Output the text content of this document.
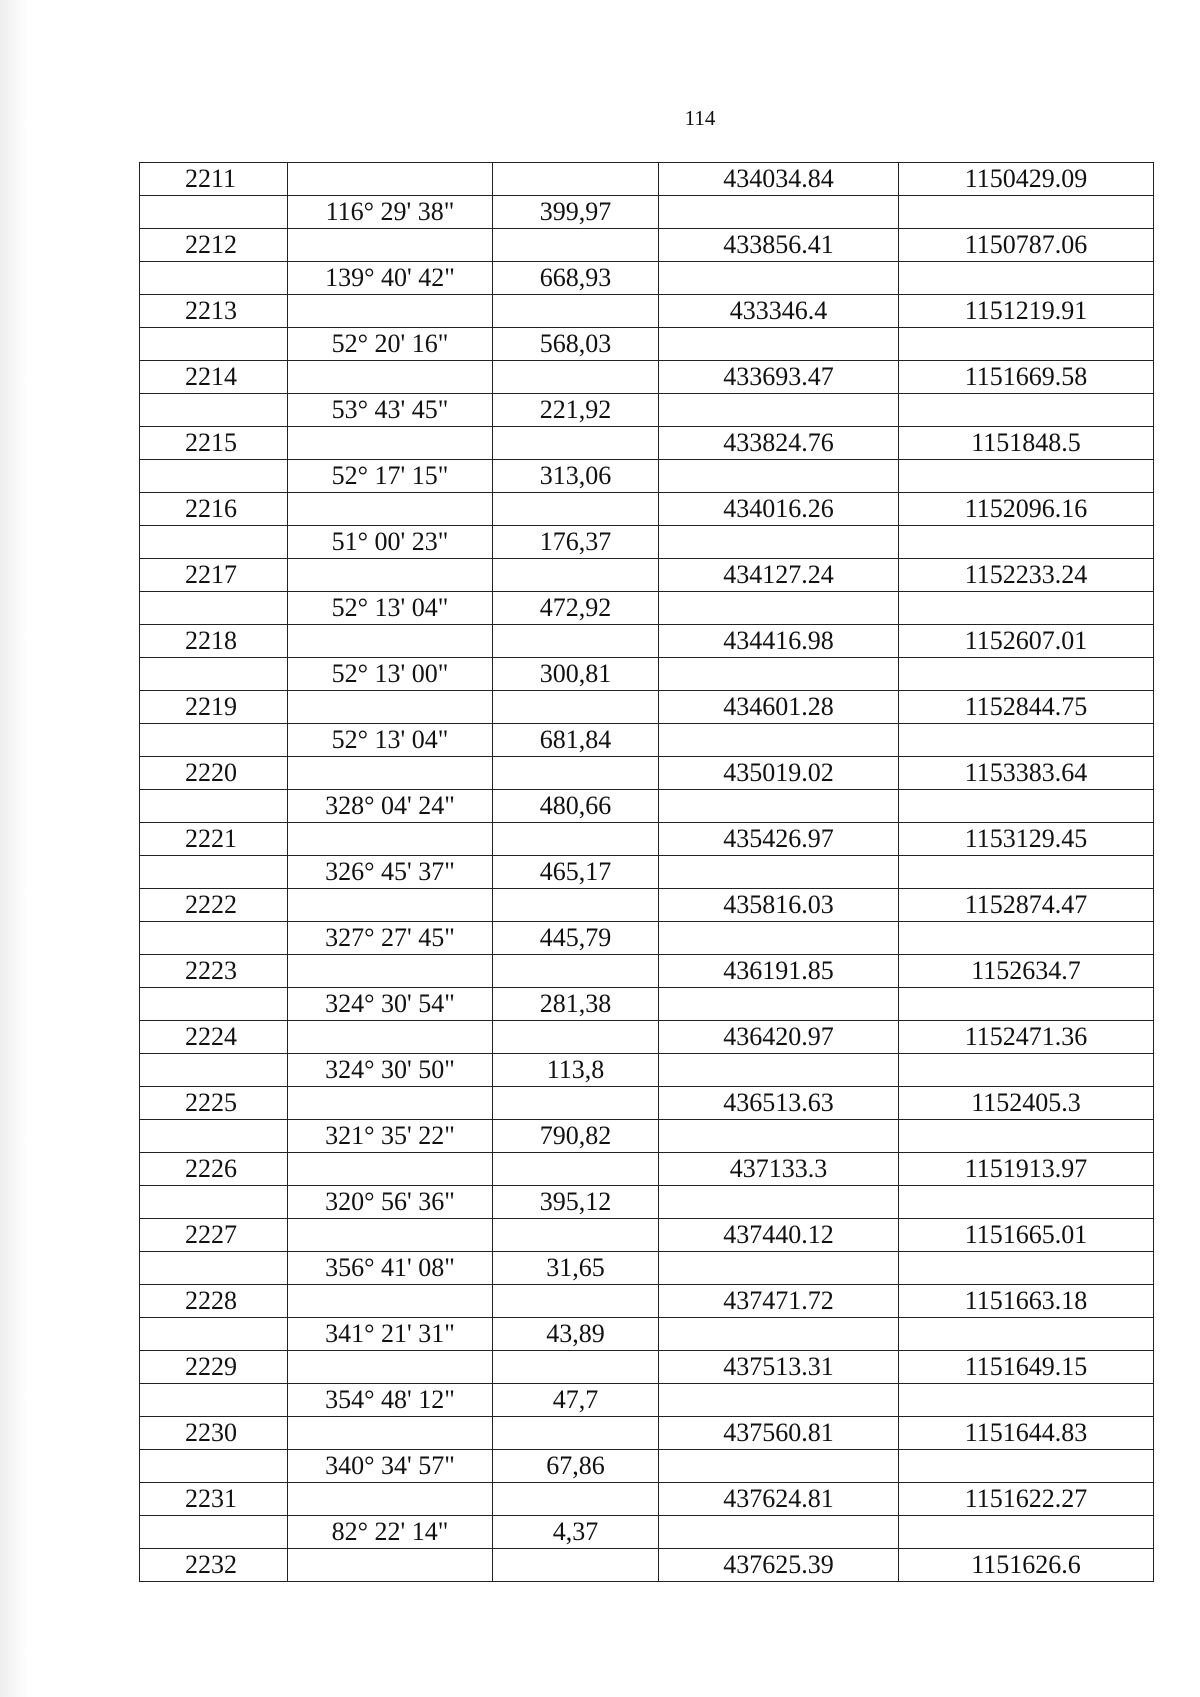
114
2211			434034.84	1150429.09
	116° 29' 38"	399,97		
2212			433856.41	1150787.06
	139° 40' 42"	668,93		
2213			433346.4	1151219.91
	52° 20' 16"	568,03		
2214			433693.47	1151669.58
	53° 43' 45"	221,92		
2215			433824.76	1151848.5
	52° 17' 15"	313,06		
2216			434016.26	1152096.16
	51° 00' 23"	176,37		
2217			434127.24	1152233.24
	52° 13' 04"	472,92		
2218			434416.98	1152607.01
	52° 13' 00"	300,81		
2219			434601.28	1152844.75
	52° 13' 04"	681,84		
2220			435019.02	1153383.64
	328° 04' 24"	480,66		
2221			435426.97	1153129.45
	326° 45' 37"	465,17		
2222			435816.03	1152874.47
	327° 27' 45"	445,79		
2223			436191.85	1152634.7
	324° 30' 54"	281,38		
2224			436420.97	1152471.36
	324° 30' 50"	113,8		
2225			436513.63	1152405.3
	321° 35' 22"	790,82		
2226			437133.3	1151913.97
	320° 56' 36"	395,12		
2227			437440.12	1151665.01
	356° 41' 08"	31,65		
2228			437471.72	1151663.18
	341° 21' 31"	43,89		
2229			437513.31	1151649.15
	354° 48' 12"	47,7		
2230			437560.81	1151644.83
	340° 34' 57"	67,86		
2231			437624.81	1151622.27
	82° 22' 14"	4,37		
2232			437625.39	1151626.6
